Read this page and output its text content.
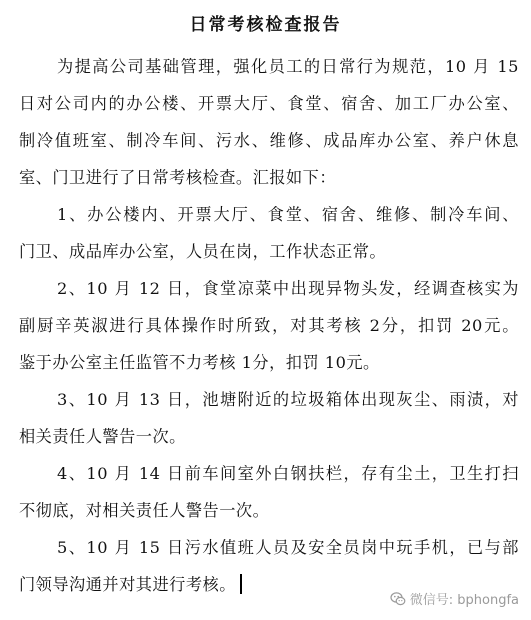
日常考核检查报告
为提高公司基础管理，强化员工的日常行为规范，10 月 15
日对公司内的办公楼、开票大厅、食堂、宿舍、加工厂办公室、
制冷值班室、制冷车间、污水、维修、成品库办公室、养户休息
室、门卫进行了日常考核检查。汇报如下：
1、办公楼内、开票大厅、食堂、宿舍、维修、制冷车间、
门卫、成品库办公室，人员在岗，工作状态正常。
2、10 月 12 日，食堂凉菜中出现异物头发，经调查核实为
副厨辛英淑进行具体操作时所致，对其考核 2分，扣罚 20元。
鉴于办公室主任监管不力考核 1分，扣罚 10元。
3、10 月 13 日，池塘附近的垃圾箱体出现灰尘、雨渍，对
相关责任人警告一次。
4、10 月 14 日前车间室外白钢扶栏，存有尘土，卫生打扫
不彻底，对相关责任人警告一次。
5、10 月 15 日污水值班人员及安全员岗中玩手机，已与部
门领导沟通并对其进行考核。
微信号: bphongfa
